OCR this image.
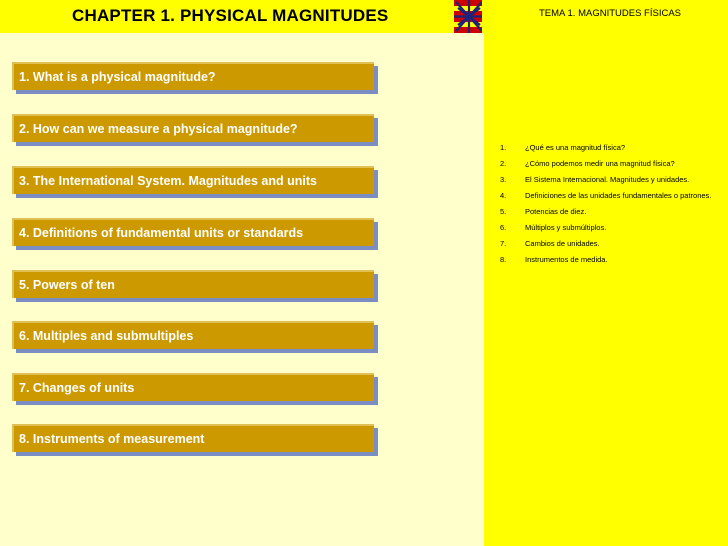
CHAPTER 1. PHYSICAL MAGNITUDES	TEMA 1. MAGNITUDES FÍSICAS
1. What is a physical magnitude?
2. How can we measure a physical magnitude?
3. The International System. Magnitudes and units
4. Definitions of fundamental units or standards
5. Powers of ten
6. Multiples and submultiples
7. Changes of units
8. Instruments of measurement
1. ¿Qué es una magnitud física?
2. ¿Cómo podemos medir una magnitud física?
3. El Sistema Internacional. Magnitudes y unidades.
4. Definiciones de las unidades fundamentales o patrones.
5. Potencias de diez.
6. Múltiplos y submúltiplos.
7. Cambios de unidades.
8. Instrumentos de medida.
